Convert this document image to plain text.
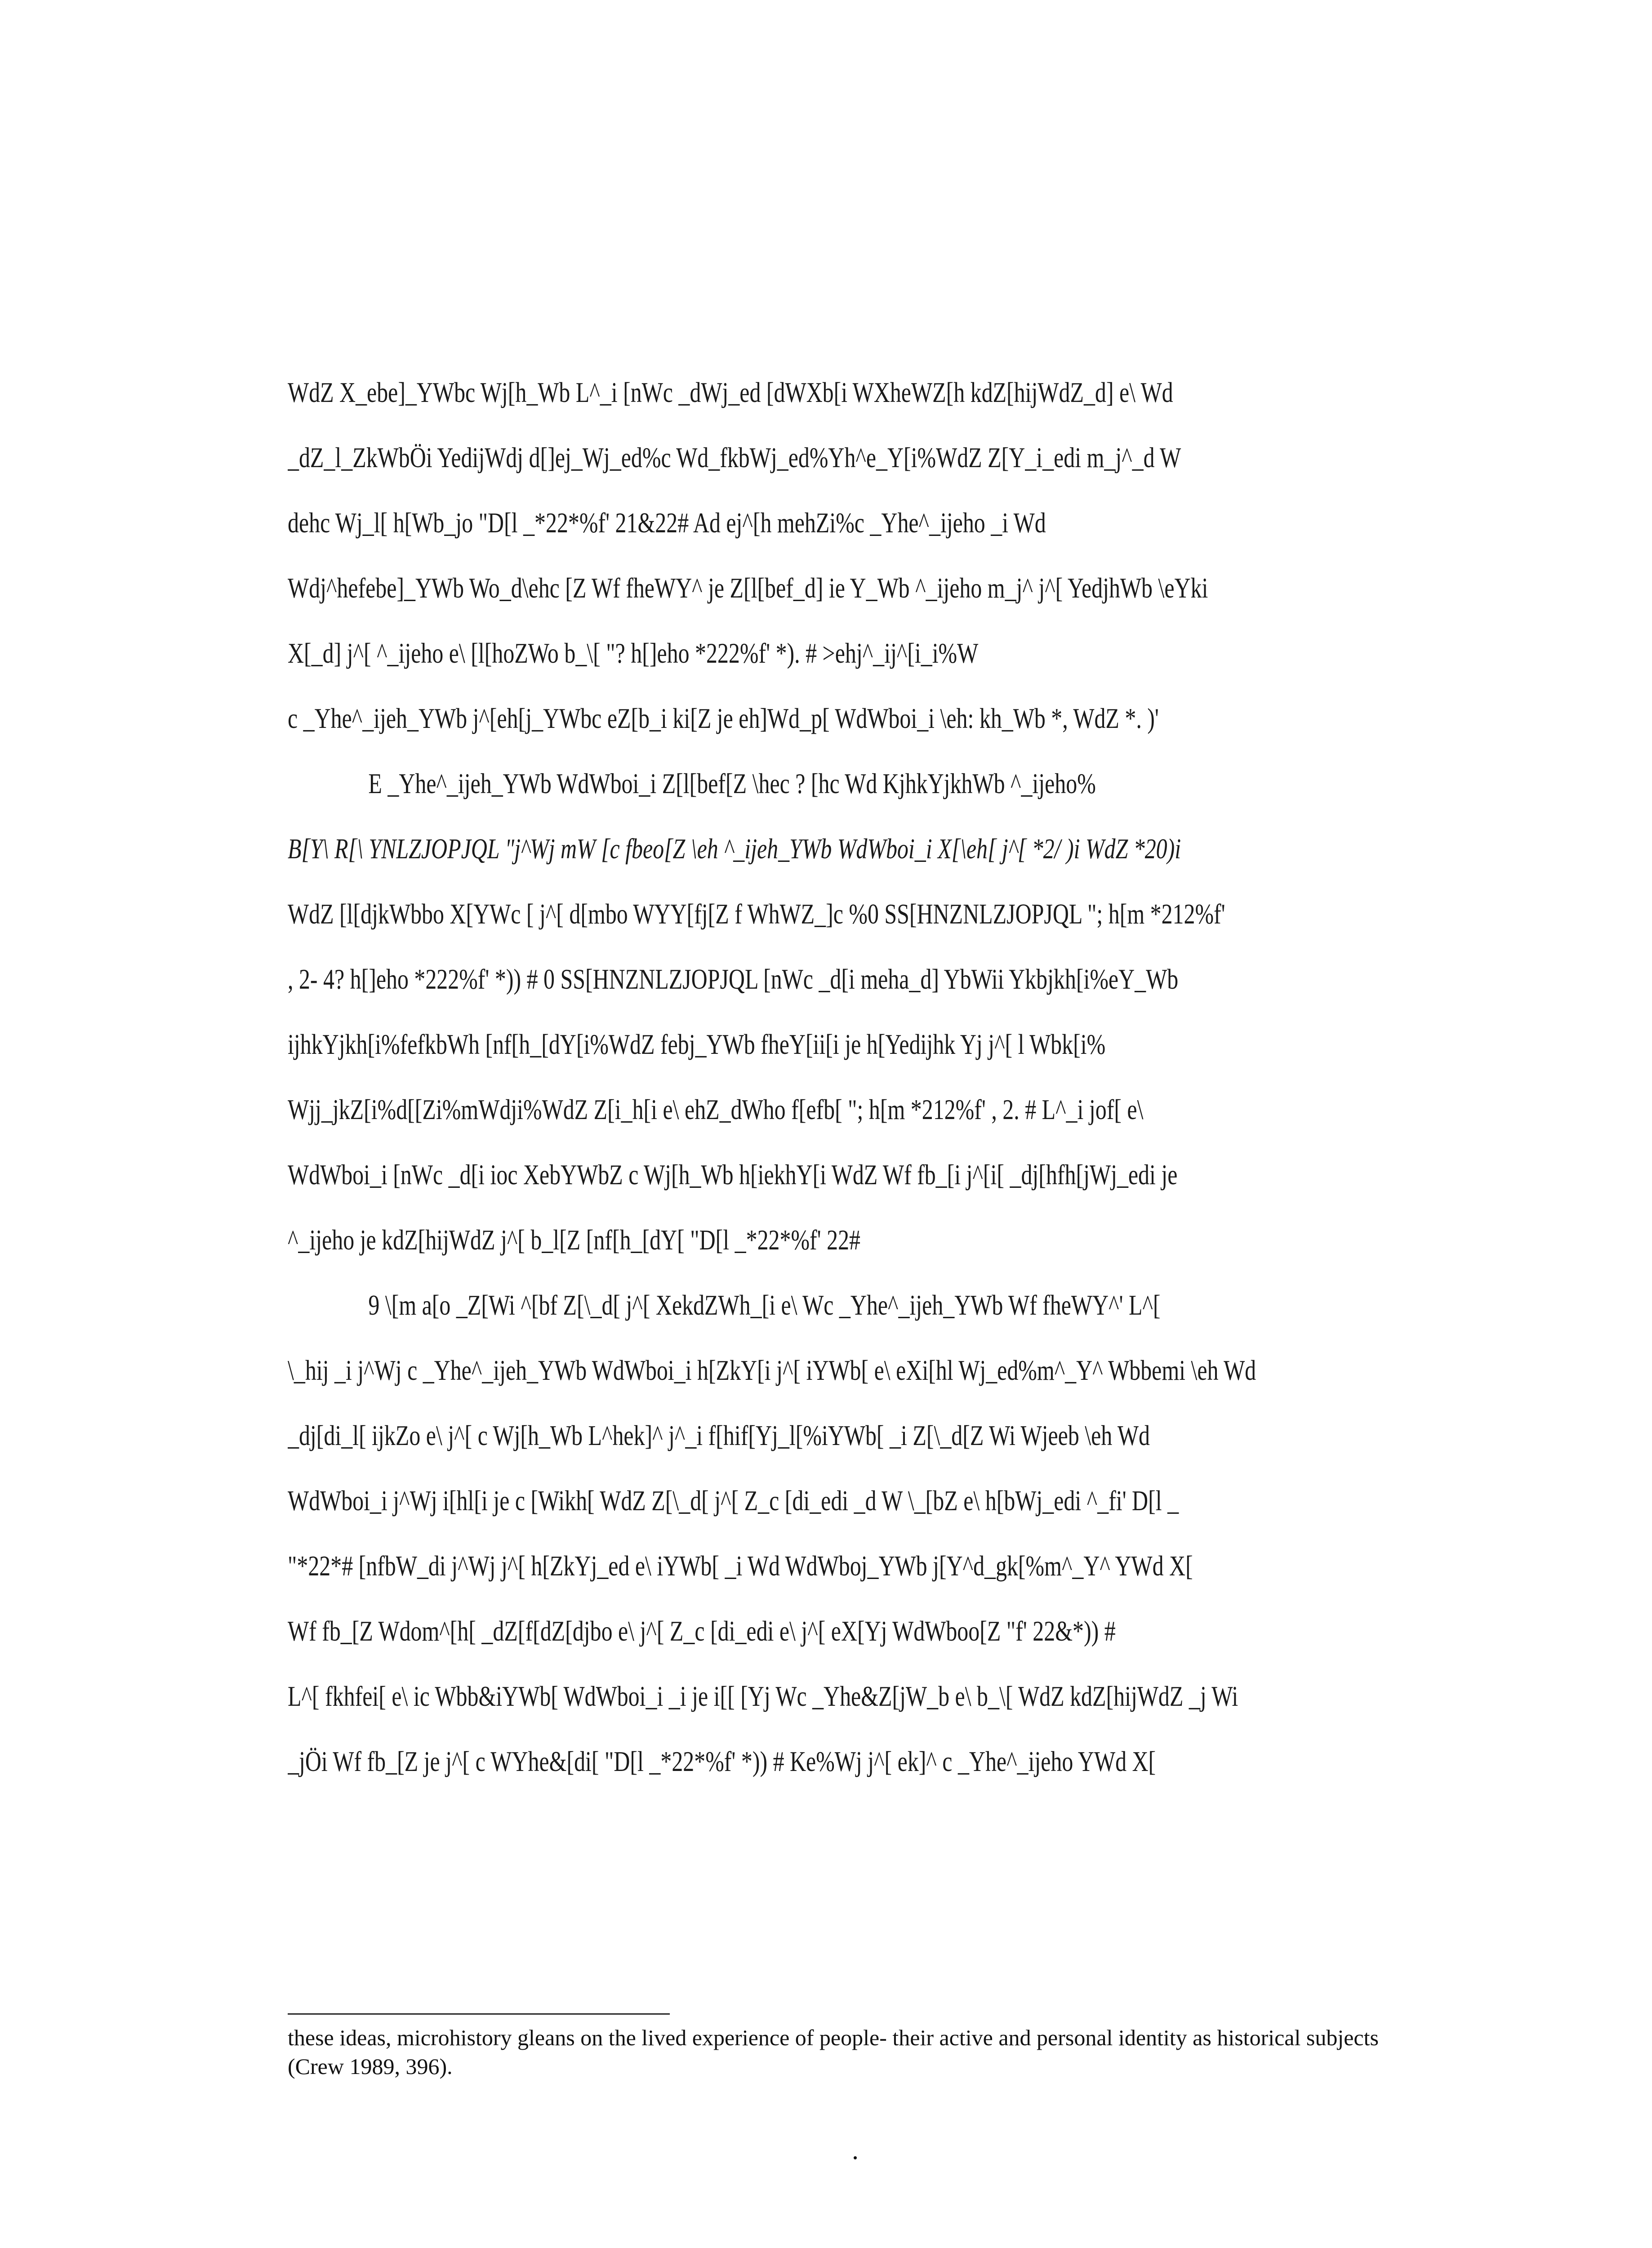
WdZ X_ebe]_YWbc Wj[h_Wb L^_i [nWc _dWj_ed [dWXb[i WXheWZ[h kdZ[hijWdZ_d] e\ Wd
_dZ_l_ZkWbÖi YedijWdj d[]ej_Wj_ed%c Wd_fkbWj_ed%Yh^e_Y[i%WdZ Z[Y_i_edi m_j^_d W
dehc Wj_l[ h[Wb_jo "D[l _*22*%f' 21&22# Ad ej^[h mehZi%c _Yhe^_ijeho _i Wd
Wdj^hefebe]_YWb Wo_d\ehc [Z Wf fheWY^ je Z[l[bef_d] ie Y_Wb ^_ijeho m_j^ j^[ YedjhWb \eYki
X[_d] j^[ ^_ijeho e\ [l[hoZWo b_\[ "? h[]eho *222%f' *). # >ehj^_ij^[i_i%W
c _Yhe^_ijeh_YWb j^[eh[j_YWbc eZ[b_i ki[Z je eh]Wd_p[ WdWboi_i \eh: kh_Wb *, WdZ *. )'
E _Yhe^_ijeh_YWb WdWboi_i Z[l[bef[Z \hec ? [hc Wd KjhkYjkhWb ^_ijeho%
B[Y\ R[\ YNLZJOPJQL "j^Wj mW [c fbeo[Z \eh ^_ijeh_YWb WdWboi_i X[\eh[ j^[ *2/ )i WdZ *20)i
WdZ [l[djkWbbo X[YWc [ j^[ d[mbo WYY[fj[Z f WhWZ_]c %0 SS[HNZNLZJOPJQL "; h[m *212%f'
, 2- 4? h[]eho *222%f' *)) # 0 SS[HNZNLZJOPJQL [nWc _d[i meha_d] YbWii Ykbjkh[i%eY_Wb
ijhkYjkh[i%fefkbWh [nf[h_[dY[i%WdZ febj_YWb fheY[ii[i je h[Yedijhk Yj j^[ l Wbk[i%
Wjj_jkZ[i%d[[Zi%mWdji%WdZ Z[i_h[i e\ ehZ_dWho f[efb[ "; h[m *212%f' , 2. # L^_i jof[ e\
WdWboi_i [nWc _d[i ioc XebYWbZ c Wj[h_Wb h[iekhY[i WdZ Wf fb_[i j^[i[ _dj[hfh[jWj_edi je
^_ijeho je kdZ[hijWdZ j^[ b_l[Z [nf[h_[dY[ "D[l _*22*%f' 22#
9 \[m a[o _Z[Wi ^[bf Z[\_d[ j^[ XekdZWh_[i e\ Wc _Yhe^_ijeh_YWb Wf fheWY^' L^[
\_hij _i j^Wj c _Yhe^_ijeh_YWb WdWboi_i h[ZkY[i j^[ iYWb[ e\ eXi[hl Wj_ed%m^_Y^ Wbbemi \eh Wd
_dj[di_l[ ijkZo e\ j^[ c Wj[h_Wb L^hek]^ j^_i f[hif[Yj_l[%iYWb[ _i Z[\_d[Z Wi Wjeeb \eh Wd
WdWboi_i j^Wj i[hl[i je c [Wikh[ WdZ Z[\_d[ j^[ Z_c [di_edi _d W \_[bZ e\ h[bWj_edi ^_fi' D[l _
"*22*# [nfbW_di j^Wj j^[ h[ZkYj_ed e\ iYWb[ _i Wd WdWboj_YWb j[Y^d_gk[%m^_Y^ YWd X[
Wf fb_[Z Wdom^[h[ _dZ[f[dZ[djbo e\ j^[ Z_c [di_edi e\ j^[ eX[Yj WdWboo[Z "f' 22&*)) #
L^[ fkhfei[ e\ ic Wbb&iYWb[ WdWboi_i _i je i[[ [Yj Wc _Yhe&Z[jW_b e\ b_\[ WdZ kdZ[hijWdZ _j Wi
_jÖi Wf fb_[Z je j^[ c WYhe&[di[ "D[l _*22*%f' *)) # Ke%Wj j^[ ek]^ c _Yhe^_ijeho YWd X[
these ideas, microhistory gleans on the lived experience of people- their active and personal identity as historical subjects (Crew 1989, 396).
.
